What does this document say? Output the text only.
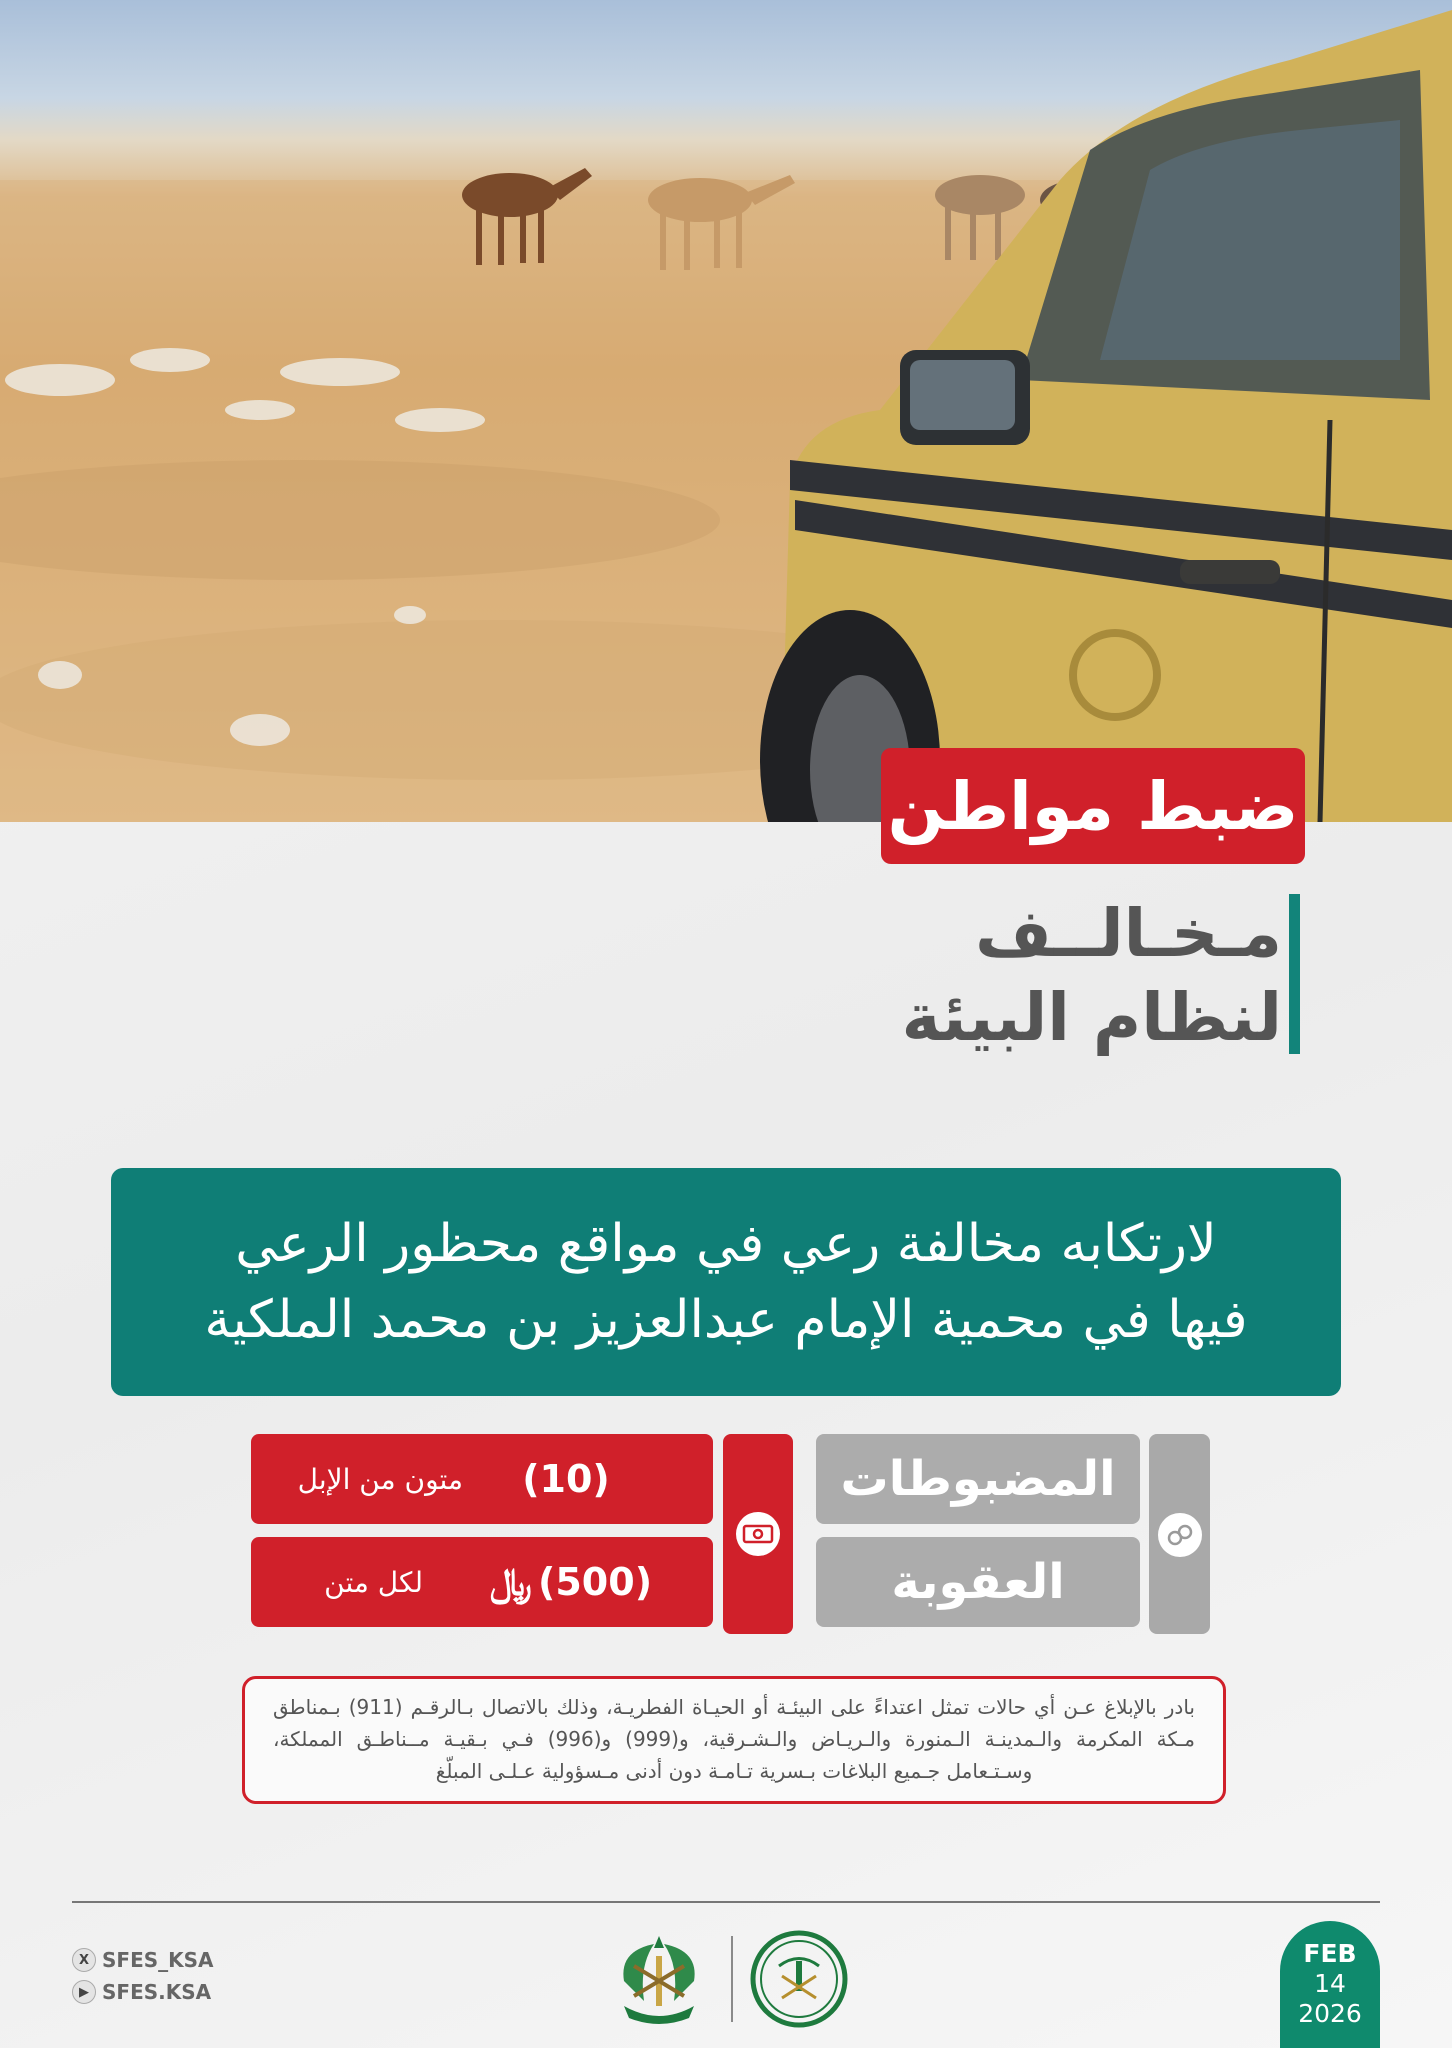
ضبط مواطن
مـخـالــف
لنظام البيئة
لارتكابه مخالفة رعي في مواقع محظور الرعي
فيها في محمية الإمام عبدالعزيز بن محمد الملكية
المضبوطات
العقوبة
(10)
متون من الإبل
﷼ (500)
لكل متن
بادر بالإبلاغ عـن أي حالات تمثل اعتداءً على البيئـة أو الحيـاة الفطريـة، وذلك بالاتصال بـالرقـم (911) بـمناطق مـكة المكرمة والـمدينـة الـمنورة والـريـاض والـشـرقية، و(999) و(996) فـي بـقيـة مــناطـق المملكة، وسـتـعامل جـميع البلاغات بـسرية تـامـة دون أدنى مـسؤولية عـلـى المبلّغ
X SFES_KSA
▶ SFES.KSA
FEB
14
2026
